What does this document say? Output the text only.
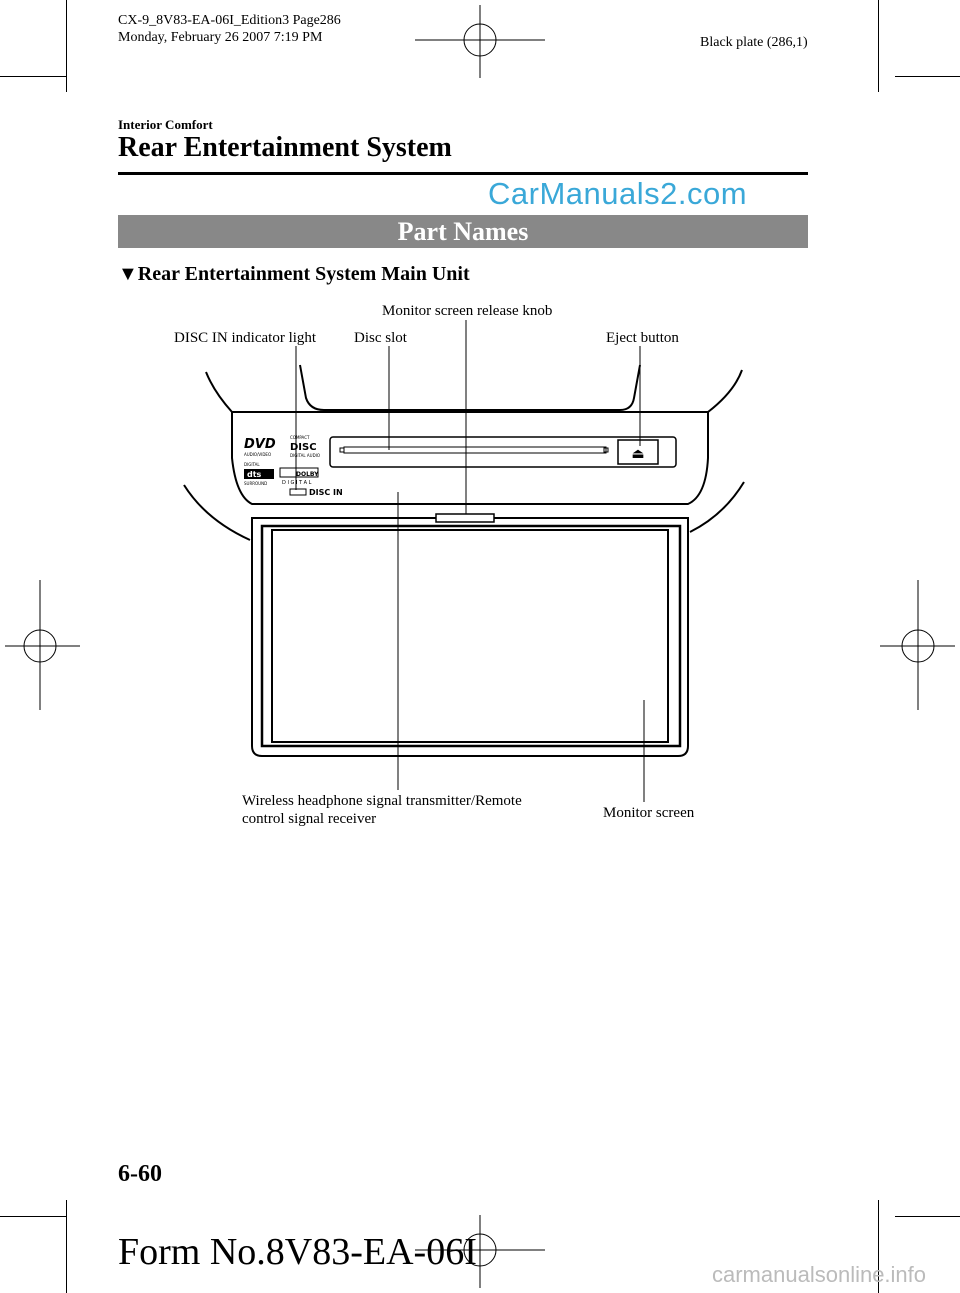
CX-9_8V83-EA-06I_Edition3 Page286
Monday, February 26 2007 7:19 PM	Black plate (286,1)
Interior Comfort
Rear Entertainment System
CarManuals2.com
Part Names
▼Rear Entertainment System Main Unit
Monitor screen release knob
DISC IN indicator light	Disc slot	Eject button
Wireless headphone signal transmitter/Remote
control signal receiver	Monitor screen
⏏
DVD
AUDIO/VIDEO
COMPACT
DISC
DIGITAL AUDIO
DIGITAL
dts
SURROUND
DOLBY
D I G I T A L
DISC IN
6-60
Form No.8V83-EA-06I
carmanualsonline.info
